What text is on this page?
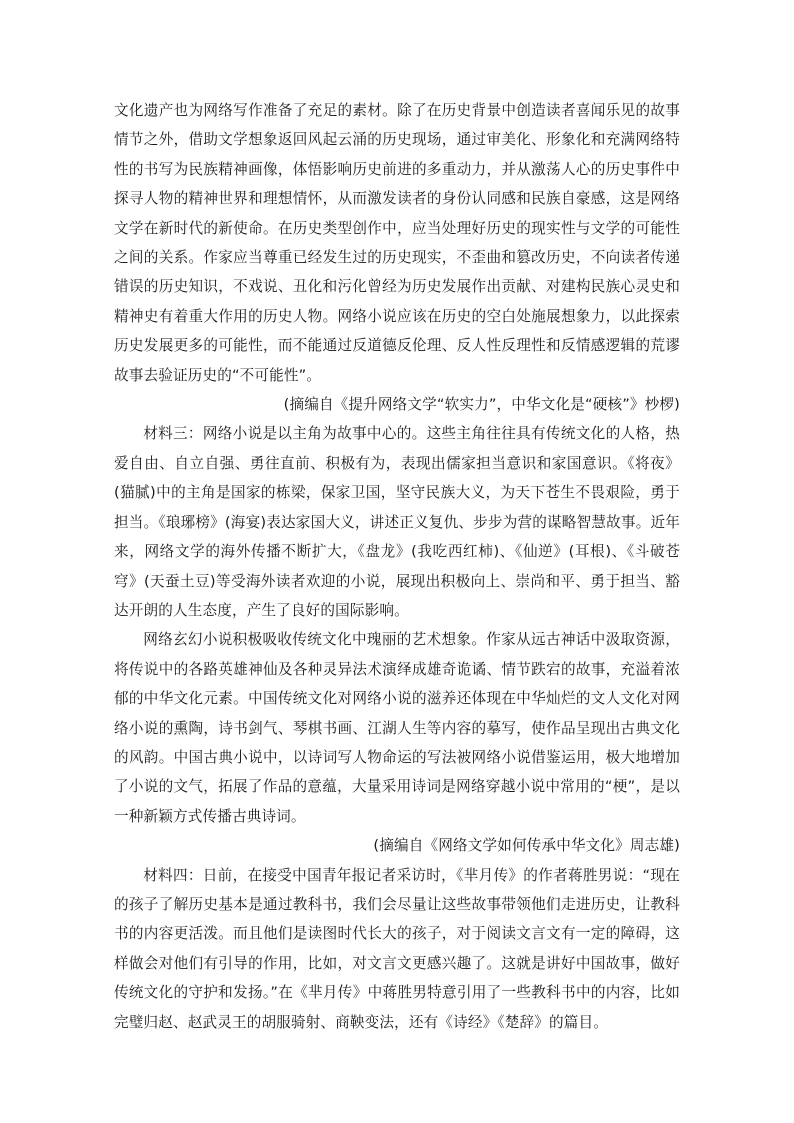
文化遗产也为网络写作准备了充足的素材。除了在历史背景中创造读者喜闻乐见的故事情节之外，借助文学想象返回风起云涌的历史现场，通过审美化、形象化和充满网络特性的书写为民族精神画像，体悟影响历史前进的多重动力，并从激荡人心的历史事件中探寻人物的精神世界和理想情怀，从而激发读者的身份认同感和民族自豪感，这是网络文学在新时代的新使命。在历史类型创作中，应当处理好历史的现实性与文学的可能性之间的关系。作家应当尊重已经发生过的历史现实，不歪曲和篡改历史，不向读者传递错误的历史知识，不戏说、丑化和污化曾经为历史发展作出贡献、对建构民族心灵史和精神史有着重大作用的历史人物。网络小说应该在历史的空白处施展想象力，以此探索历史发展更多的可能性，而不能通过反道德反伦理、反人性反理性和反情感逻辑的荒谬故事去验证历史的“不可能性”。

(摘编自《提升网络文学“软实力”，中华文化是“硬核”》杪椤)

材料三：网络小说是以主角为故事中心的。这些主角往往具有传统文化的人格，热爱自由、自立自强、勇往直前、积极有为，表现出儒家担当意识和家国意识。《将夜》(猫腻)中的主角是国家的栋梁，保家卫国，坚守民族大义，为天下苍生不畏艰险，勇于担当。《琅琊榜》(海宴)表达家国大义，讲述正义复仇、步步为营的谋略智慧故事。近年来，网络文学的海外传播不断扩大，《盘龙》(我吃西红柿)、《仙逆》(耳根)、《斗破苍穹》(天蚕土豆)等受海外读者欢迎的小说，展现出积极向上、崇尚和平、勇于担当、豁达开朗的人生态度，产生了良好的国际影响。

网络玄幻小说积极吸收传统文化中瑰丽的艺术想象。作家从远古神话中汲取资源，将传说中的各路英雄神仙及各种灵异法术演绎成雄奇诡谲、情节跌宕的故事，充溢着浓郁的中华文化元素。中国传统文化对网络小说的滋养还体现在中华灿烂的文人文化对网络小说的熏陶，诗书剑气、琴棋书画、江湖人生等内容的摹写，使作品呈现出古典文化的风韵。中国古典小说中，以诗词写人物命运的写法被网络小说借鉴运用，极大地增加了小说的文气，拓展了作品的意蕴，大量采用诗词是网络穿越小说中常用的“梗”，是以一种新颖方式传播古典诗词。

(摘编自《网络文学如何传承中华文化》周志雄)

材料四：日前，在接受中国青年报记者采访时，《芈月传》的作者蒋胜男说：“现在的孩子了解历史基本是通过教科书，我们会尽量让这些故事带领他们走进历史，让教科书的内容更活泼。而且他们是读图时代长大的孩子，对于阅读文言文有一定的障碍，这样做会对他们有引导的作用，比如，对文言文更感兴趣了。这就是讲好中国故事，做好传统文化的守护和发扬。”在《芈月传》中蒋胜男特意引用了一些教科书中的内容，比如完璧归赵、赵武灵王的胡服骑射、商鞅变法，还有《诗经》《楚辞》的篇目。
